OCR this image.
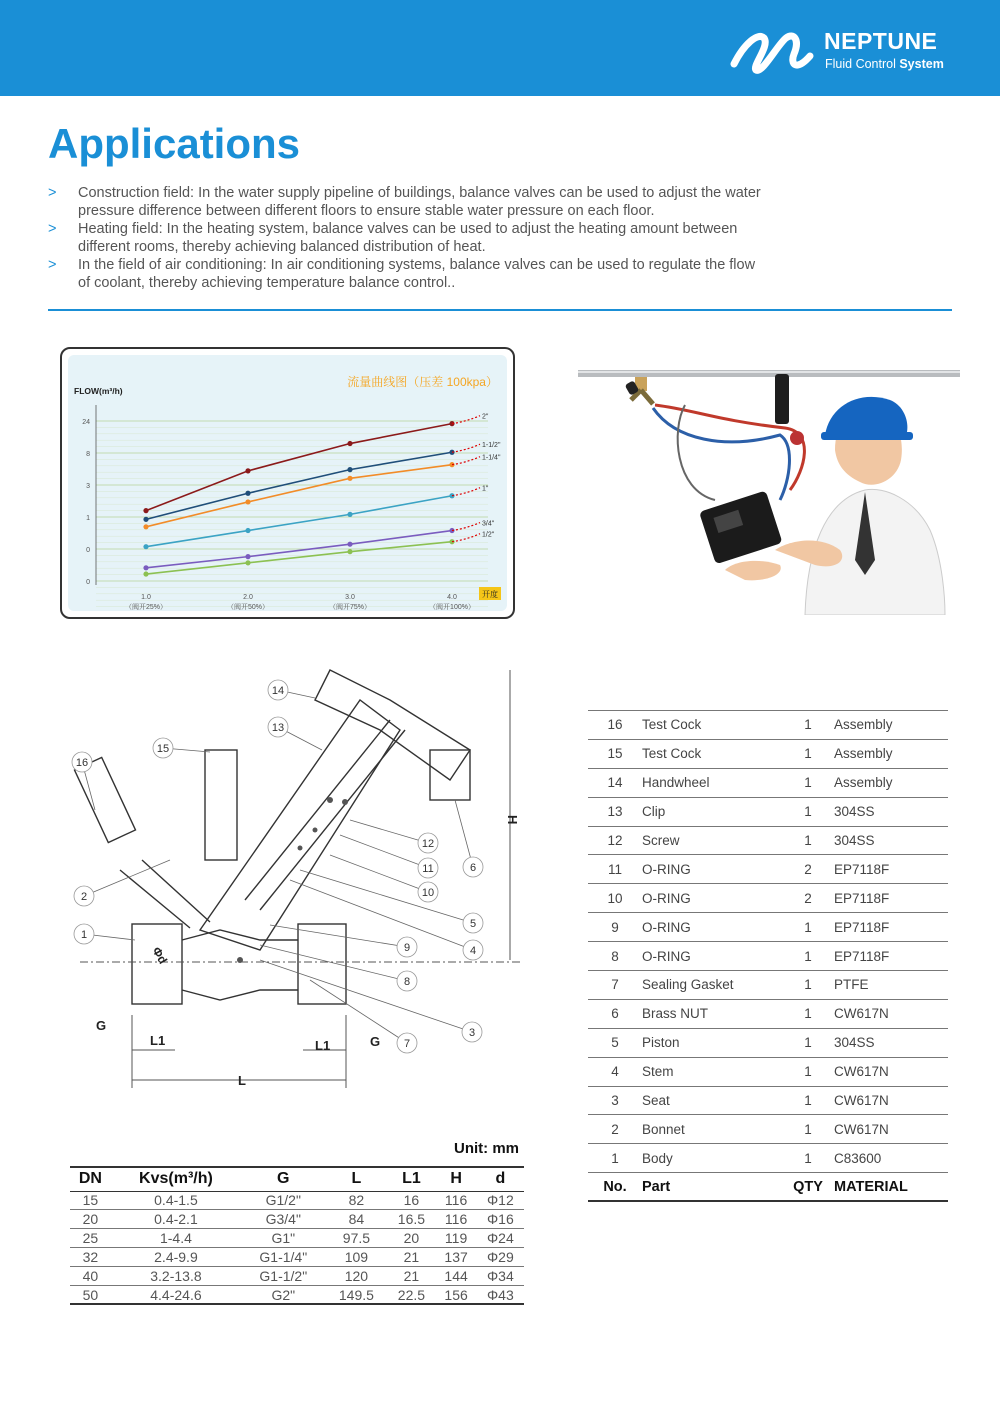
NEPTUNE
Fluid Control System
Applications
> Construction field: In the water supply pipeline of buildings, balance valves can be used to adjust the water pressure difference between different floors to ensure stable water pressure on each floor.
> Heating field: In the heating system, balance valves can be used to adjust the heating amount between different rooms, thereby achieving balanced distribution of heat.
> In the field of air conditioning: In air conditioning systems, balance valves can be used to regulate the flow of coolant, thereby achieving temperature balance control..
24
8
3
1
0
0
FLOW(m³/h)
流量曲线图（压差 100kpa）
1.0
（阀开25%）
2.0
（阀开50%）
3.0
（阀开75%）
4.0
（阀开100%）
开度
2"
1-1/2"
1-1/4"
1"
3/4"
1/2"
L
L1	L1
G
G
H
Φd
14
13
15
16
12
11
10
6
2
1
5
4
9
8
3
7
16	Test Cock	1	Assembly
15	Test Cock	1	Assembly
14	Handwheel	1	Assembly
13	Clip	1	304SS
12	Screw	1	304SS
11	O-RING	2	EP7118F
10	O-RING	2	EP7118F
9	O-RING	1	EP7118F
8	O-RING	1	EP7118F
7	Sealing Gasket	1	PTFE
6	Brass NUT	1	CW617N
5	Piston	1	304SS
4	Stem	1	CW617N
3	Seat	1	CW617N
2	Bonnet	1	CW617N
1	Body	1	C83600
No.	Part	QTY	MATERIAL
Unit: mm
DN	Kvs(m³/h)	G	L	L1	H	d
15	0.4-1.5	G1/2"	82	16	116	Φ12
20	0.4-2.1	G3/4"	84	16.5	116	Φ16
25	1-4.4	G1"	97.5	20	119	Φ24
32	2.4-9.9	G1-1/4"	109	21	137	Φ29
40	3.2-13.8	G1-1/2"	120	21	144	Φ34
50	4.4-24.6	G2"	149.5	22.5	156	Φ43
